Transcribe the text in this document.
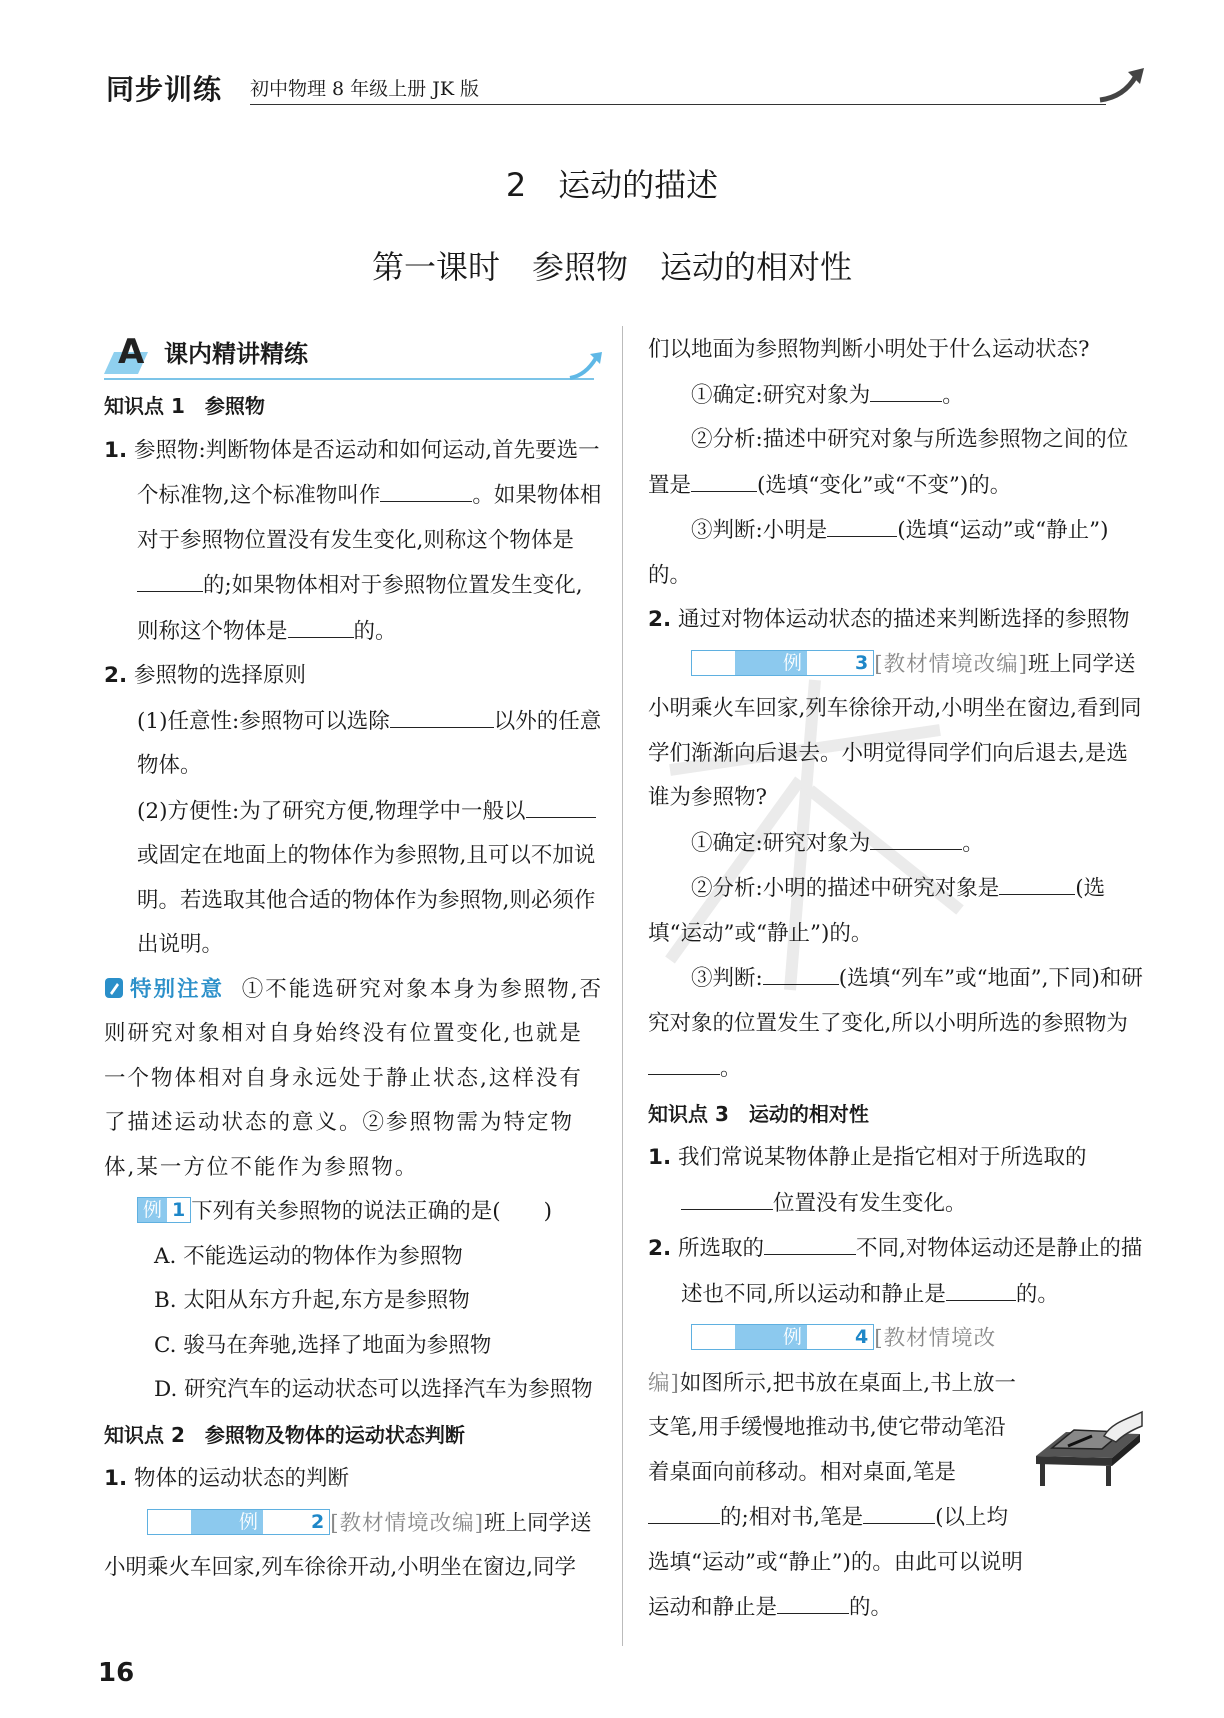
同步训练 初中物理 8 年级上册 JK 版
2　运动的描述
第一课时　参照物　运动的相对性
A 课内精讲精练
知识点 1　参照物
1. 参照物:判断物体是否运动和如何运动,首先要选一个标准物,这个标准物叫作	。如果物体相对于参照物位置没有发生变化,则称这个物体是的;如果物体相对于参照物位置发生变化,则称这个物体是	的。
2. 参照物的选择原则
(1)任意性:参照物可以选除	以外的任意物体。
(2)方便性:为了研究方便,物理学中一般以或固定在地面上的物体作为参照物,且可以不加说明。若选取其他合适的物体作为参照物,则必须作出说明。
特别注意 ①不能选研究对象本身为参照物,否则研究对象相对自身始终没有位置变化,也就是一个物体相对自身永远处于静止状态,这样没有了描述运动状态的意义。②参照物需为特定物体,某一方位不能作为参照物。
例 1 下列有关参照物的说法正确的是(　　)
A. 不能选运动的物体作为参照物
B. 太阳从东方升起,东方是参照物
C. 骏马在奔驰,选择了地面为参照物
D. 研究汽车的运动状态可以选择汽车为参照物
知识点 2　参照物及物体的运动状态判断
1. 物体的运动状态的判断
例	2 [教材情境改编]班上同学送小明乘火车回家,列车徐徐开动,小明坐在窗边,同学
们以地面为参照物判断小明处于什么运动状态?
①确定:研究对象为	。
②分析:描述中研究对象与所选参照物之间的位置是	(选填“变化”或“不变”)的。
③判断:小明是	(选填“运动”或“静止”)的。
2. 通过对物体运动状态的描述来判断选择的参照物
例	3 [教材情境改编]班上同学送小明乘火车回家,列车徐徐开动,小明坐在窗边,看到同学们渐渐向后退去。小明觉得同学们向后退去,是选谁为参照物?
①确定:研究对象为	。
②分析:小明的描述中研究对象是	(选填“运动”或“静止”)的。
③判断:	(选填“列车”或“地面”,下同)和研究对象的位置发生了变化,所以小明所选的参照物为。
知识点 3　运动的相对性
1. 我们常说某物体静止是指它相对于所选取的位置没有发生变化。
2. 所选取的	不同,对物体运动还是静止的描述也不同,所以运动和静止是	的。
例	4 [教材情境改编]如图所示,把书放在桌面上,书上放一支笔,用手缓慢地推动书,使它带动笔沿着桌面向前移动。相对桌面,笔是的;相对书,笔是	(以上均选填“运动”或“静止”)的。由此可以说明运动和静止是	的。
16
